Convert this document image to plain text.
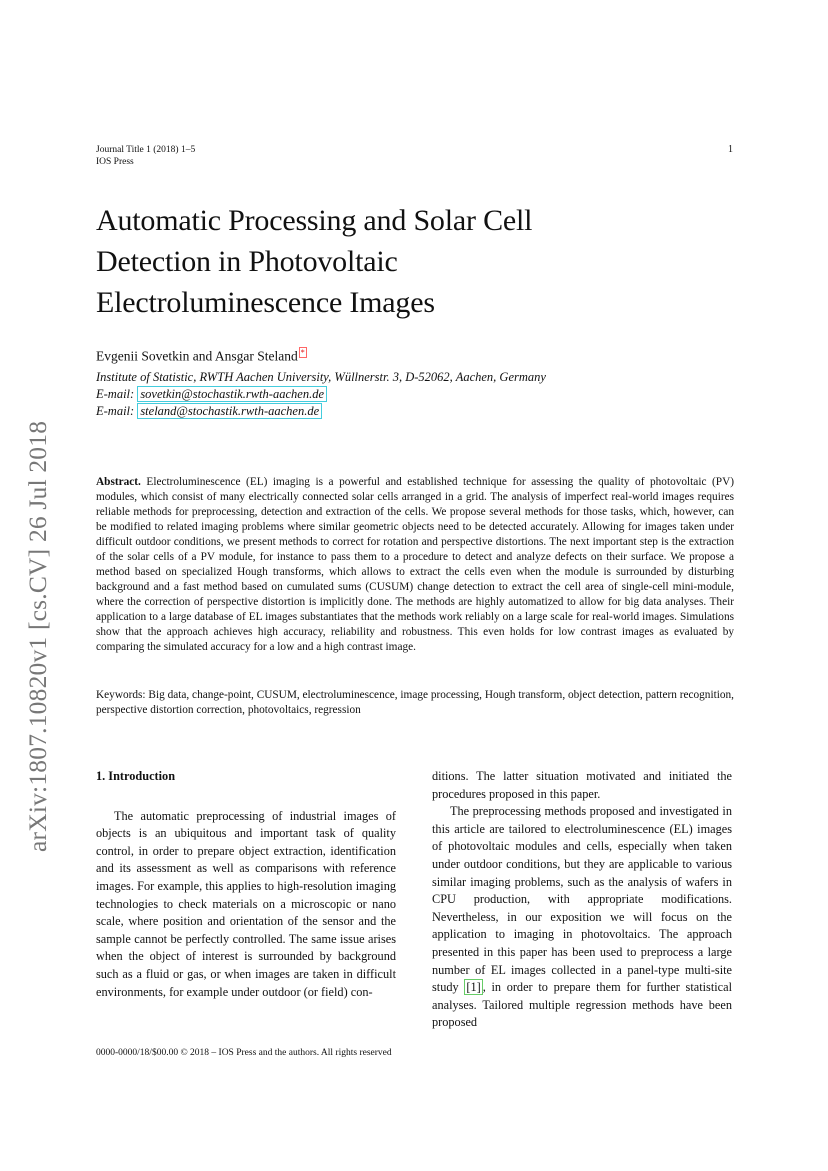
Journal Title 1 (2018) 1–5
IOS Press
1
Automatic Processing and Solar Cell
Detection in Photovoltaic
Electroluminescence Images
Evgenii Sovetkin and Ansgar Steland *
Institute of Statistic, RWTH Aachen University, Wüllnerstr. 3, D-52062, Aachen, Germany
E-mail: sovetkin@stochastik.rwth-aachen.de
E-mail: steland@stochastik.rwth-aachen.de
arXiv:1807.10820v1 [cs.CV] 26 Jul 2018	Abstract. Electroluminescence (EL) imaging is a powerful and established technique for assessing the quality of photovoltaic (PV) modules, which consist of many electrically connected solar cells arranged in a grid. The analysis of imperfect real-world images requires reliable methods for preprocessing, detection and extraction of the cells. We propose several methods for those tasks, which, however, can be modified to related imaging problems where similar geometric objects need to be detected accurately. Allowing for images taken under difficult outdoor conditions, we present methods to correct for rotation and perspective distortions. The next important step is the extraction of the solar cells of a PV module, for instance to pass them to a procedure to detect and analyze defects on their surface. We propose a method based on specialized Hough transforms, which allows to extract the cells even when the module is surrounded by disturbing background and a fast method based on cumulated sums (CUSUM) change detection to extract the cell area of single-cell mini-module, where the correction of perspective distortion is implicitly done. The methods are highly automatized to allow for big data analyses. Their application to a large database of EL images substantiates that the methods work reliably on a large scale for real-world images. Simulations show that the approach achieves high accuracy, reliability and robustness. This even holds for low contrast images as evaluated by comparing the simulated accuracy for a low and a high contrast image.
Keywords: Big data, change-point, CUSUM, electroluminescence, image processing, Hough transform, object detection, pattern recognition, perspective distortion correction, photovoltaics, regression
1. Introduction

The automatic preprocessing of industrial images of objects is an ubiquitous and important task of quality control, in order to prepare object extraction, identification and its assessment as well as comparisons with reference images. For example, this applies to high-resolution imaging technologies to check materials on a microscopic or nano scale, where position and orientation of the sensor and the sample cannot be perfectly controlled. The same issue arises when the object of interest is surrounded by background such as a fluid or gas, or when images are taken in difficult environments, for example under outdoor (or field) con-

ditions. The latter situation motivated and initiated the procedures proposed in this paper.

The preprocessing methods proposed and investigated in this article are tailored to electroluminescence (EL) images of photovoltaic modules and cells, especially when taken under outdoor conditions, but they are applicable to various similar imaging problems, such as the analysis of wafers in CPU production, with appropriate modifications. Nevertheless, in our exposition we will focus on the application to imaging in photovoltaics. The approach presented in this paper has been used to preprocess a large number of EL images collected in a panel-type multi-site study [1] , in order to prepare them for further statistical analyses. Tailored multiple regression methods have been proposed

0000-0000/18/$00.00 © 2018 – IOS Press and the authors. All rights reserved
